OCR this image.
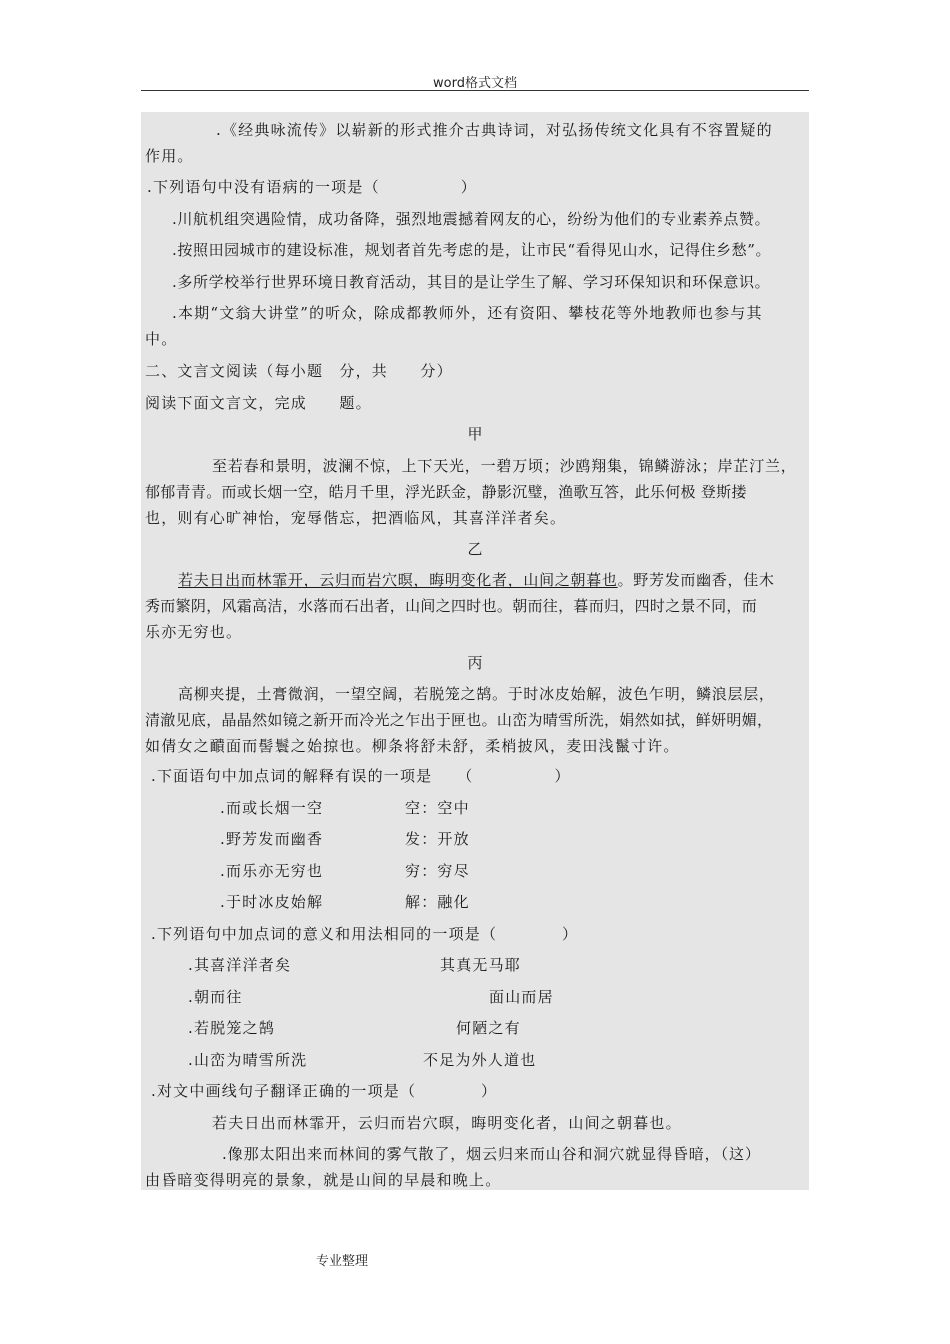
word格式文档
.《经典咏流传》以崭新的形式推介古典诗词，对弘扬传统文化具有不容置疑的
作用。
.下列语句中没有语病的一项是（　　　　　）
.川航机组突遇险情，成功备降，强烈地震撼着网友的心，纷纷为他们的专业素养点赞。
.按照田园城市的建设标准，规划者首先考虑的是，让市民“看得见山水，记得住乡愁”。
.多所学校举行世界环境日教育活动，其目的是让学生了解、学习环保知识和环保意识。
.本期“文翁大讲堂”的听众，除成都教师外，还有资阳、攀枝花等外地教师也参与其
中。
二、文言文阅读（每小题　分，共　　分）
阅读下面文言文，完成　　题。
甲
至若春和景明，波澜不惊，上下天光，一碧万顷；沙鸥翔集，锦鳞游泳；岸芷汀兰，
郁郁青青。而或长烟一空，皓月千里，浮光跃金，静影沉璧，渔歌互答，此乐何极 登斯搂
也，则有心旷神怡，宠辱偕忘，把酒临风，其喜洋洋者矣。
乙
若夫日出而林霏开，云归而岩穴暝，晦明变化者，山间之朝暮也。野芳发而幽香，佳木
秀而繁阴，风霜高洁，水落而石出者，山间之四时也。朝而往，暮而归，四时之景不同，而
乐亦无穷也。
丙
高柳夹提，土膏微润，一望空阔，若脱笼之鹄。于时冰皮始解，波色乍明，鳞浪层层，
清澈见底，晶晶然如镜之新开而冷光之乍出于匣也。山峦为晴雪所洗，娟然如拭，鲜妍明媚，
如倩女之靧面而髻鬟之始掠也。柳条将舒未舒，柔梢披风，麦田浅鬣寸许。
.下面语句中加点词的解释有误的一项是　　（　　　　　）
.而或长烟一空	空：空中
.野芳发而幽香	发：开放
.而乐亦无穷也	穷：穷尽
.于时冰皮始解	解：融化
.下列语句中加点词的意义和用法相同的一项是（　　　　）
.其喜洋洋者矣	其真无马耶
.朝而往	面山而居
.若脱笼之鹄	何陋之有
.山峦为晴雪所洗	不足为外人道也
.对文中画线句子翻译正确的一项是（　　　　）
若夫日出而林霏开，云归而岩穴暝，晦明变化者，山间之朝暮也。
.像那太阳出来而林间的雾气散了，烟云归来而山谷和洞穴就显得昏暗，（这）
由昏暗变得明亮的景象，就是山间的早晨和晚上。
专业整理
